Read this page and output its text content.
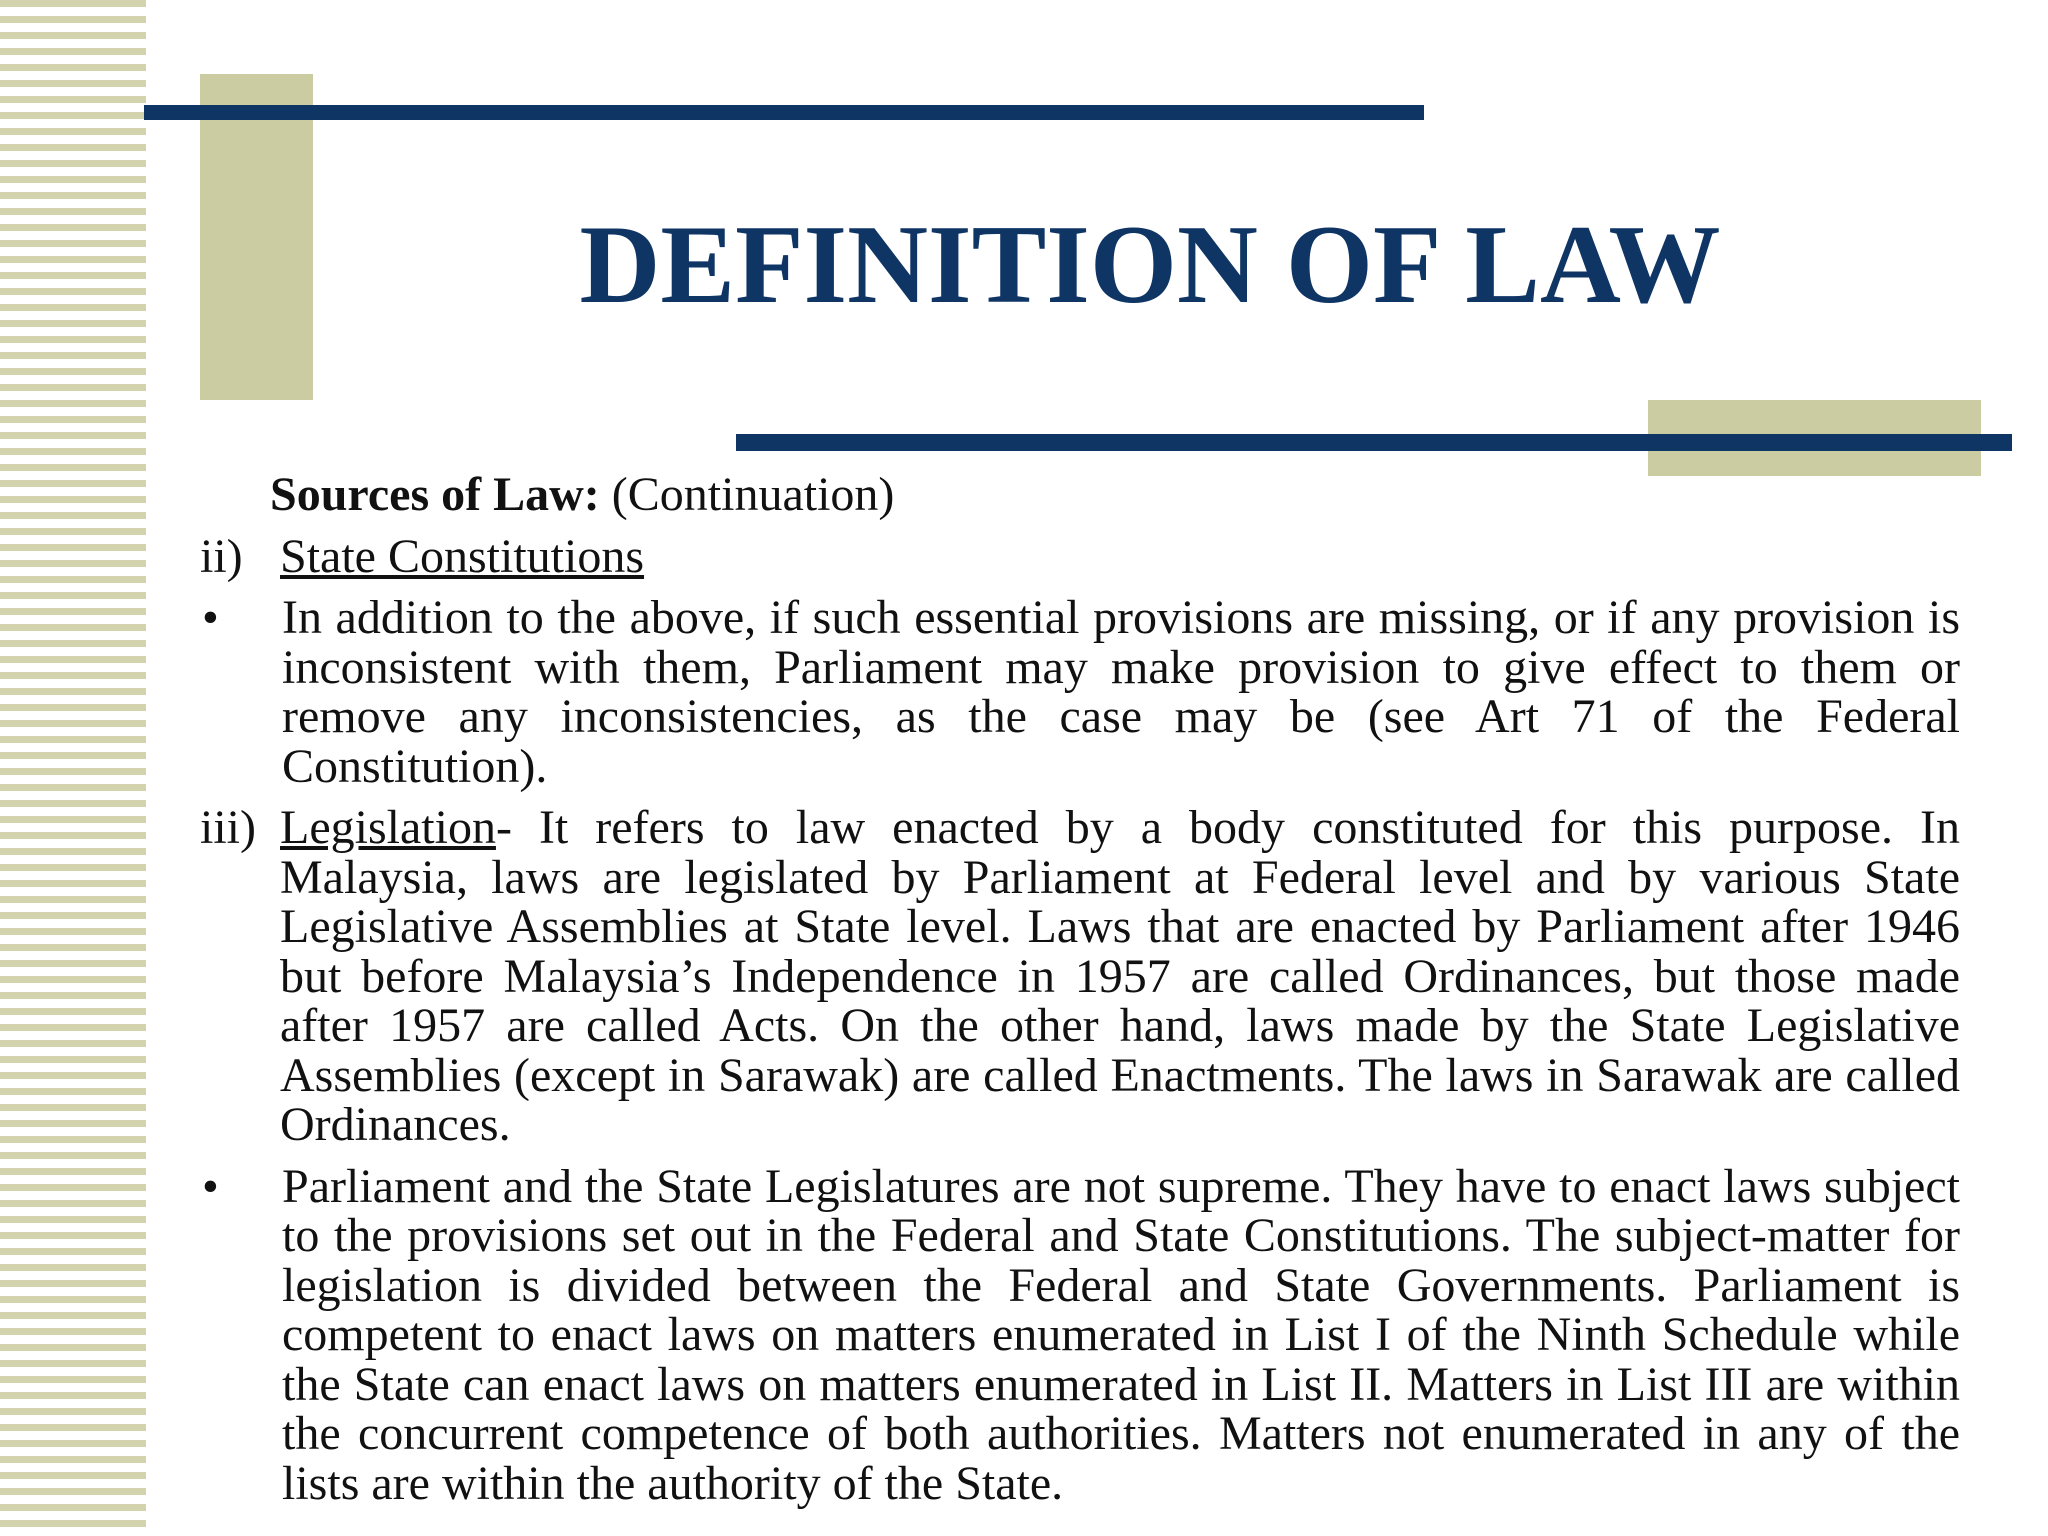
DEFINITION OF LAW

Sources of Law: (Continuation)

ii) State Constitutions
•	In addition to the above, if such essential provisions are missing, or if any provision is inconsistent with them, Parliament may make provision to give effect to them or remove any inconsistencies, as the case may be (see Art 71 of the Federal Constitution).
iii) Legislation- It refers to law enacted by a body constituted for this purpose. In Malaysia, laws are legislated by Parliament at Federal level and by various State Legislative Assemblies at State level. Laws that are enacted by Parliament after 1946 but before Malaysia’s Independence in 1957 are called Ordinances, but those made after 1957 are called Acts. On the other hand, laws made by the State Legislative Assemblies (except in Sarawak) are called Enactments. The laws in Sarawak are called Ordinances.
•	Parliament and the State Legislatures are not supreme. They have to enact laws subject to the provisions set out in the Federal and State Constitutions. The subject-matter for legislation is divided between the Federal and State Governments. Parliament is competent to enact laws on matters enumerated in List I of the Ninth Schedule while the State can enact laws on matters enumerated in List II. Matters in List III are within the concurrent competence of both authorities. Matters not enumerated in any of the lists are within the authority of the State.
